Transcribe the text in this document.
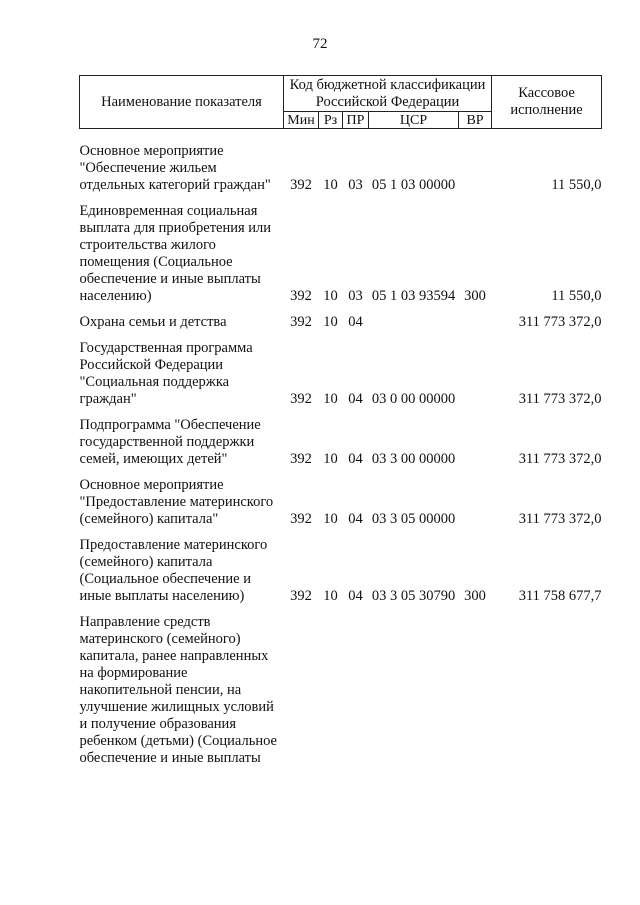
72
Наименование показателя	Код бюджетной классификации Российской Федерации					Кассовое исполнение
	Мин	Рз	ПР	ЦСР	ВР	
Основное мероприятие "Обеспечение жильем отдельных категорий граждан"	392	10	03	05 1 03 00000		11 550,0
Единовременная социальная выплата для приобретения или строительства жилого помещения (Социальное обеспечение и иные выплаты населению)	392	10	03	05 1 03 93594	300	11 550,0
Охрана семьи и детства	392	10	04			311 773 372,0
Государственная программа Российской Федерации "Социальная поддержка граждан"	392	10	04	03 0 00 00000		311 773 372,0
Подпрограмма "Обеспечение государственной поддержки семей, имеющих детей"	392	10	04	03 3 00 00000		311 773 372,0
Основное мероприятие "Предоставление материнского (семейного) капитала"	392	10	04	03 3 05 00000		311 773 372,0
Предоставление материнского (семейного) капитала (Социальное обеспечение и иные выплаты населению)	392	10	04	03 3 05 30790	300	311 758 677,7
Направление средств материнского (семейного) капитала, ранее направленных на формирование накопительной пенсии, на улучшение жилищных условий и получение образования ребенком (детьми) (Социальное обеспечение и иные выплаты						
